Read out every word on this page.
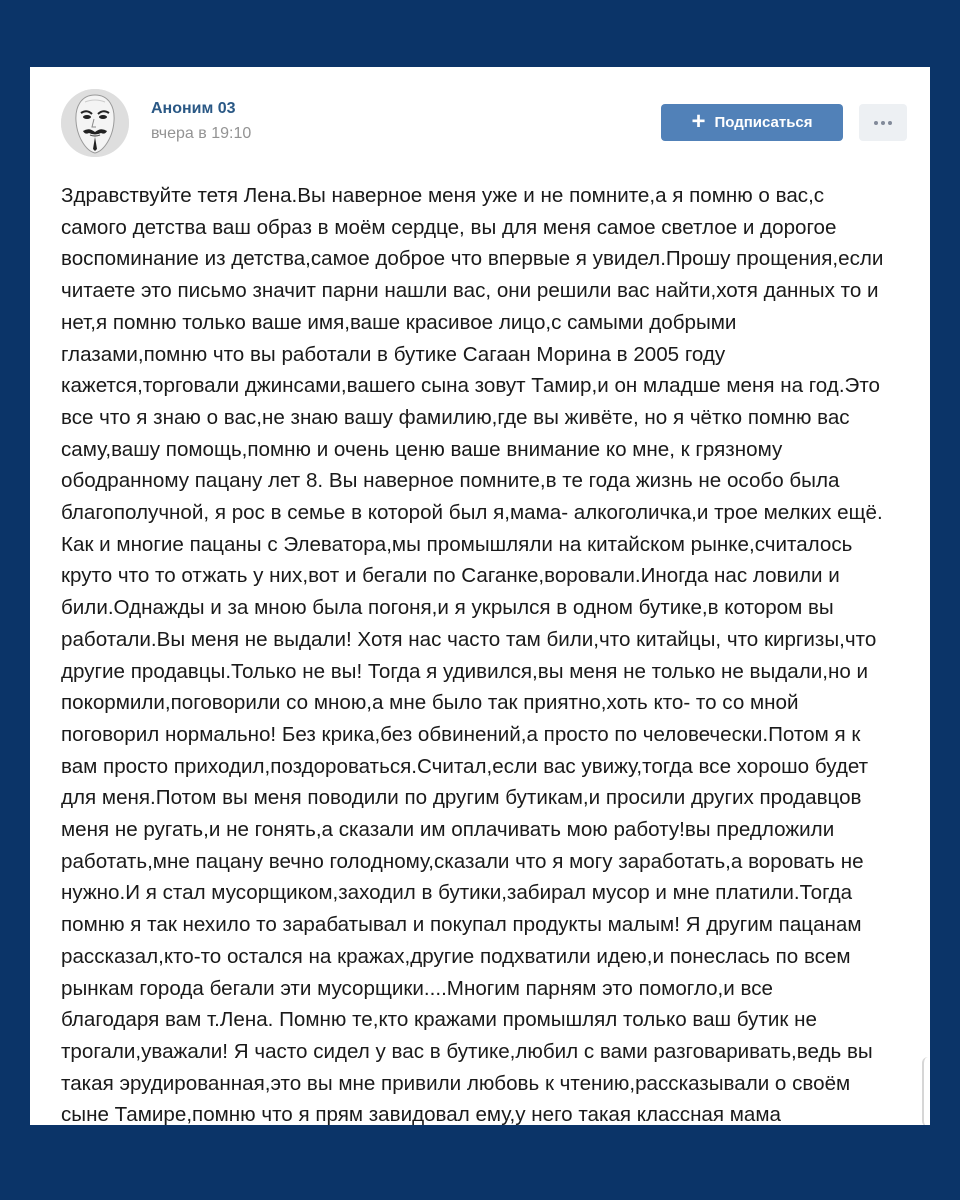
Аноним 03
вчера в 19:10	+ Подписаться
Здравствуйте тетя Лена.Вы наверное меня уже и не помните,а я помню о вас,с
самого детства ваш образ в моём сердце, вы для меня самое светлое и дорогое
воспоминание из детства,самое доброе что впервые я увидел.Прошу прощения,если
читаете это письмо значит парни нашли вас, они решили вас найти,хотя данных то и
нет,я помню только ваше имя,ваше красивое лицо,с самыми добрыми
глазами,помню что вы работали в бутике Сагаан Морина в 2005 году
кажется,торговали джинсами,вашего сына зовут Тамир,и он младше меня на год.Это
все что я знаю о вас,не знаю вашу фамилию,где вы живёте, но я чётко помню вас
саму,вашу помощь,помню и очень ценю ваше внимание ко мне, к грязному
ободранному пацану лет 8. Вы наверное помните,в те года жизнь не особо была
благополучной, я рос в семье в которой был я,мама- алкоголичка,и трое мелких ещё.
Как и многие пацаны с Элеватора,мы промышляли на китайском рынке,считалось
круто что то отжать у них,вот и бегали по Саганке,воровали.Иногда нас ловили и
били.Однажды и за мною была погоня,и я укрылся в одном бутике,в котором вы
работали.Вы меня не выдали! Хотя нас часто там били,что китайцы, что киргизы,что
другие продавцы.Только не вы! Тогда я удивился,вы меня не только не выдали,но и
покормили,поговорили со мною,а мне было так приятно,хоть кто- то со мной
поговорил нормально! Без крика,без обвинений,а просто по человечески.Потом я к
вам просто приходил,поздороваться.Считал,если вас увижу,тогда все хорошо будет
для меня.Потом вы меня поводили по другим бутикам,и просили других продавцов
меня не ругать,и не гонять,а сказали им оплачивать мою работу!вы предложили
работать,мне пацану вечно голодному,сказали что я могу заработать,а воровать не
нужно.И я стал мусорщиком,заходил в бутики,забирал мусор и мне платили.Тогда
помню я так нехило то зарабатывал и покупал продукты малым! Я другим пацанам
рассказал,кто-то остался на кражах,другие подхватили идею,и понеслась по всем
рынкам города бегали эти мусорщики....Многим парням это помогло,и все
благодаря вам т.Лена. Помню те,кто кражами промышлял только ваш бутик не
трогали,уважали! Я часто сидел у вас в бутике,любил с вами разговаривать,ведь вы
такая эрудированная,это вы мне привили любовь к чтению,рассказывали о своём
сыне Тамире,помню что я прям завидовал ему,у него такая классная мама
